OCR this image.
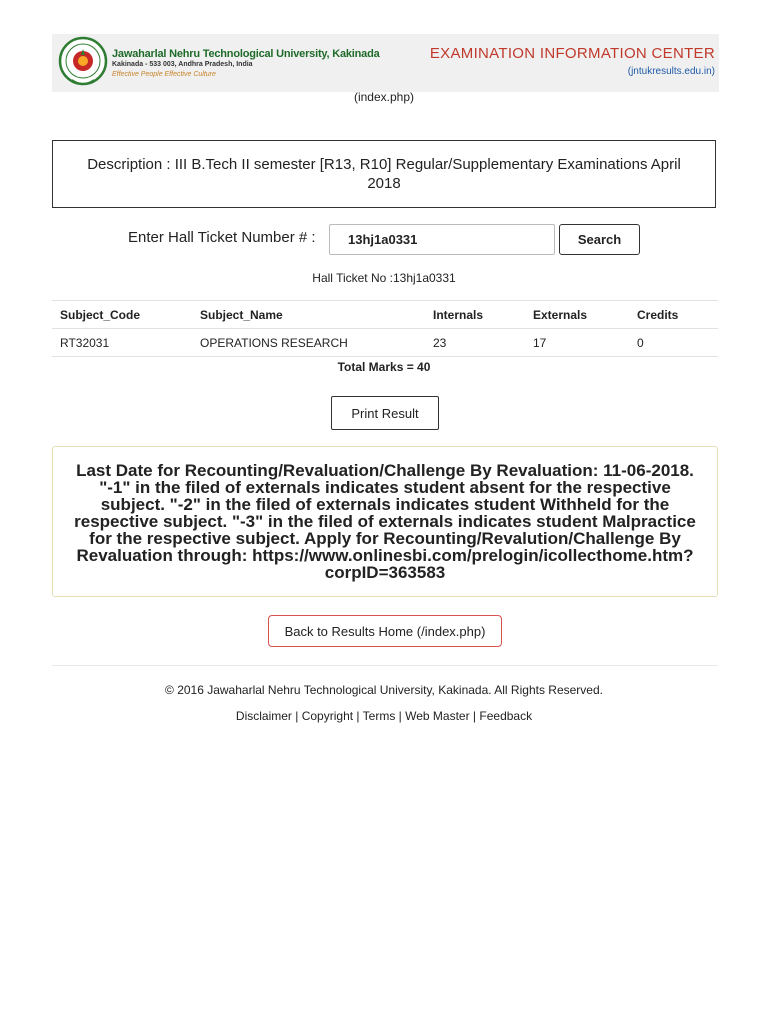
Jawaharlal Nehru Technological University, Kakinada
Kakinada - 533 003, Andhra Pradesh, India
Effective People Effective Culture
EXAMINATION INFORMATION CENTER
(jntukresults.edu.in)
(index.php)
Description : III B.Tech II semester [R13, R10] Regular/Supplementary Examinations April 2018
Enter Hall Ticket Number # :
13hj1a0331	Search
Hall Ticket No :13hj1a0331
Subject_Code	Subject_Name	Internals	Externals	Credits
RT32031	OPERATIONS RESEARCH	23	17	0
Total Marks = 40
Print Result
Last Date for Recounting/Revaluation/Challenge By Revaluation: 11-06-2018. "-1" in the filed of externals indicates student absent for the respective subject. "-2" in the filed of externals indicates student Withheld for the respective subject. "-3" in the filed of externals indicates student Malpractice for the respective subject. Apply for Recounting/Revalution/Challenge By Revaluation through: https://www.onlinesbi.com/prelogin/icollecthome.htm?corpID=363583
Back to Results Home (/index.php)
© 2016 Jawaharlal Nehru Technological University, Kakinada. All Rights Reserved.
Disclaimer | Copyright | Terms | Web Master | Feedback
